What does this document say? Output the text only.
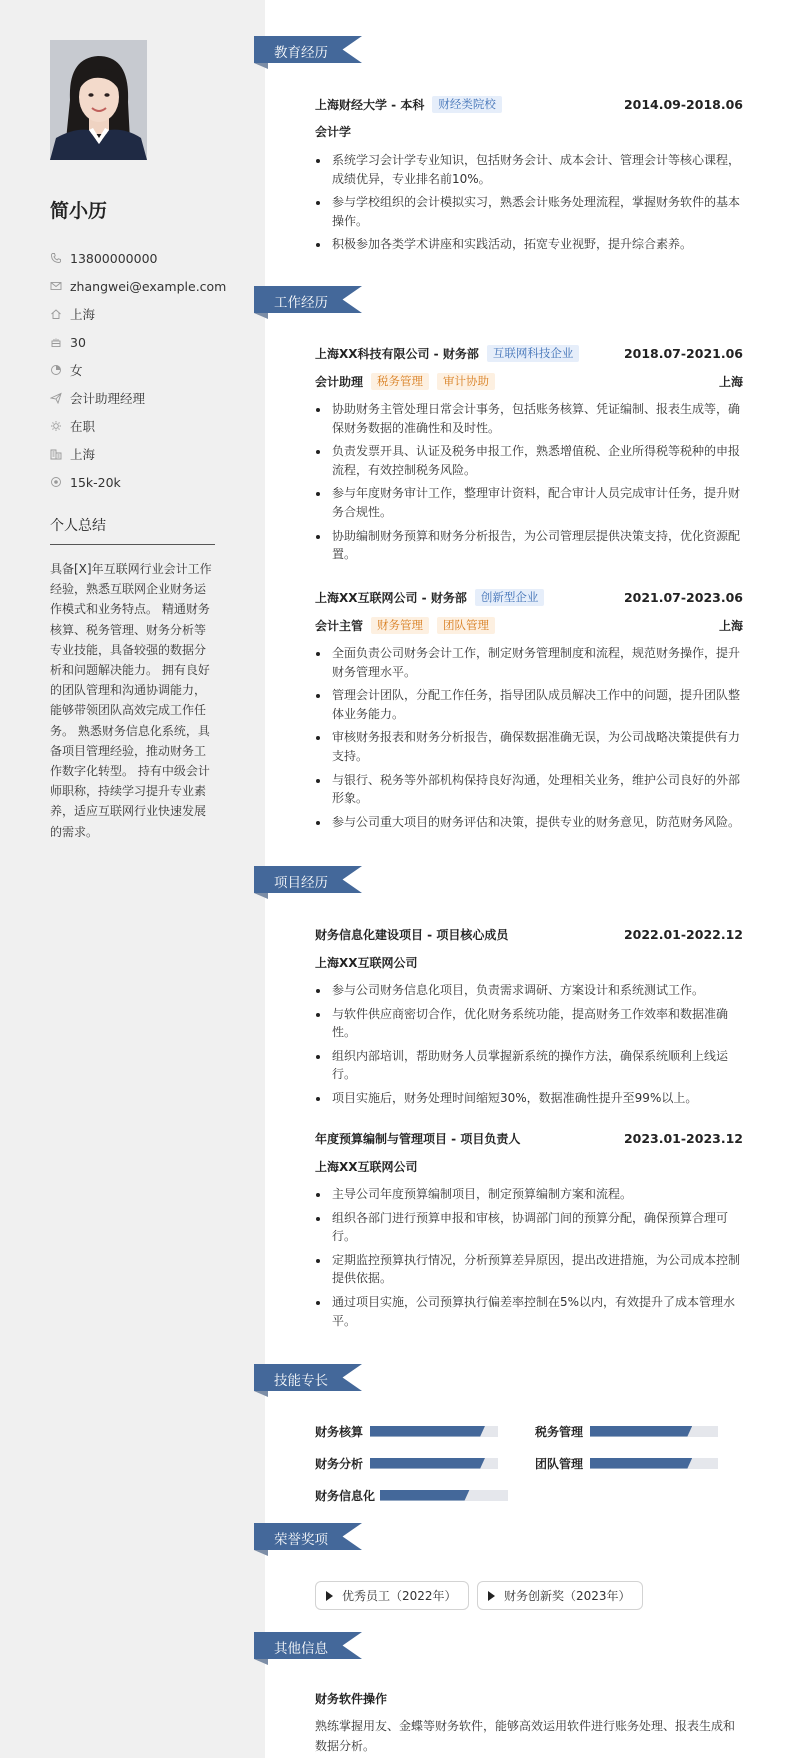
简小历
13800000000
zhangwei@example.com
上海
30
女
会计助理经理
在职
上海
15k-20k
个人总结
具备[X]年互联网行业会计工作经验，熟悉互联网企业财务运作模式和业务特点。 精通财务核算、税务管理、财务分析等专业技能，具备较强的数据分析和问题解决能力。 拥有良好的团队管理和沟通协调能力，能够带领团队高效完成工作任务。 熟悉财务信息化系统，具备项目管理经验，推动财务工作数字化转型。 持有中级会计师职称，持续学习提升专业素养，适应互联网行业快速发展的需求。
教育经历
上海财经大学 - 本科	财经类院校	2014.09-2018.06
会计学
系统学习会计学专业知识，包括财务会计、成本会计、管理会计等核心课程，成绩优异，专业排名前10%。
参与学校组织的会计模拟实习，熟悉会计账务处理流程，掌握财务软件的基本操作。
积极参加各类学术讲座和实践活动，拓宽专业视野，提升综合素养。
工作经历
上海XX科技有限公司 - 财务部	互联网科技企业	2018.07-2021.06
会计助理	税务管理	审计协助	上海
协助财务主管处理日常会计事务，包括账务核算、凭证编制、报表生成等，确保财务数据的准确性和及时性。
负责发票开具、认证及税务申报工作，熟悉增值税、企业所得税等税种的申报流程，有效控制税务风险。
参与年度财务审计工作，整理审计资料，配合审计人员完成审计任务，提升财务合规性。
协助编制财务预算和财务分析报告，为公司管理层提供决策支持，优化资源配置。
上海XX互联网公司 - 财务部	创新型企业	2021.07-2023.06
会计主管	财务管理	团队管理	上海
全面负责公司财务会计工作，制定财务管理制度和流程，规范财务操作，提升财务管理水平。
管理会计团队，分配工作任务，指导团队成员解决工作中的问题，提升团队整体业务能力。
审核财务报表和财务分析报告，确保数据准确无误，为公司战略决策提供有力支持。
与银行、税务等外部机构保持良好沟通，处理相关业务，维护公司良好的外部形象。
参与公司重大项目的财务评估和决策，提供专业的财务意见，防范财务风险。
项目经历
财务信息化建设项目 - 项目核心成员	2022.01-2022.12
上海XX互联网公司
参与公司财务信息化项目，负责需求调研、方案设计和系统测试工作。
与软件供应商密切合作，优化财务系统功能，提高财务工作效率和数据准确性。
组织内部培训，帮助财务人员掌握新系统的操作方法，确保系统顺利上线运行。
项目实施后，财务处理时间缩短30%，数据准确性提升至99%以上。
年度预算编制与管理项目 - 项目负责人	2023.01-2023.12
上海XX互联网公司
主导公司年度预算编制项目，制定预算编制方案和流程。
组织各部门进行预算申报和审核，协调部门间的预算分配，确保预算合理可行。
定期监控预算执行情况，分析预算差异原因，提出改进措施，为公司成本控制提供依据。
通过项目实施，公司预算执行偏差率控制在5%以内，有效提升了成本管理水平。
技能专长
财务核算	税务管理
财务分析	团队管理
财务信息化
荣誉奖项
优秀员工（2022年）	财务创新奖（2023年）
其他信息
财务软件操作
熟练掌握用友、金蝶等财务软件，能够高效运用软件进行账务处理、报表生成和数据分析。
